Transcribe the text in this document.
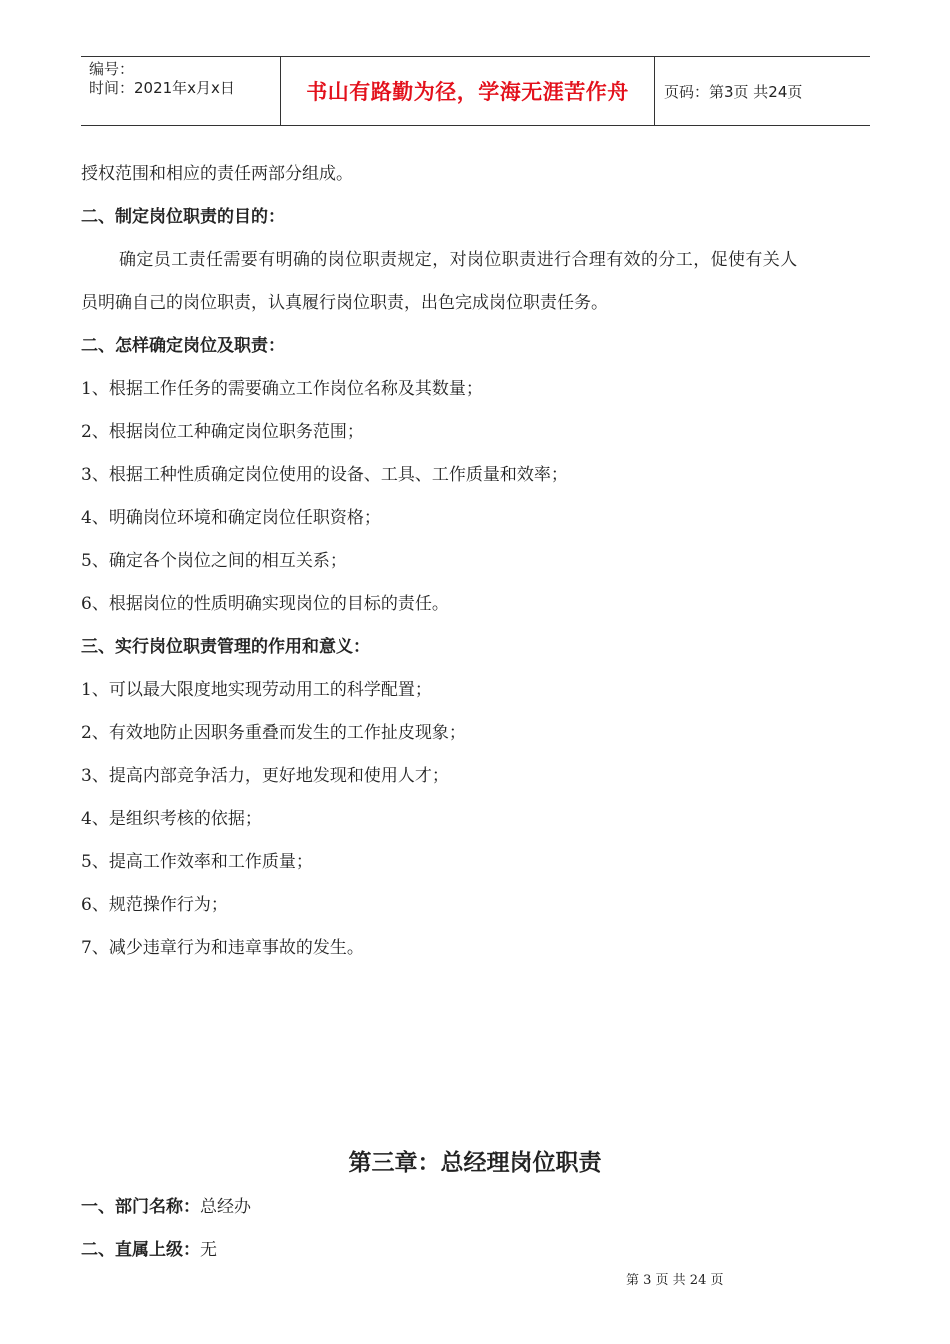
编号：
时间：2021年x月x日	书山有路勤为径，学海无涯苦作舟	页码：第3页 共24页
授权范围和相应的责任两部分组成。
二、制定岗位职责的目的：
确定员工责任需要有明确的岗位职责规定，对岗位职责进行合理有效的分工，促使有关人
员明确自己的岗位职责，认真履行岗位职责，出色完成岗位职责任务。
二、怎样确定岗位及职责：
1、根据工作任务的需要确立工作岗位名称及其数量；
2、根据岗位工种确定岗位职务范围；
3、根据工种性质确定岗位使用的设备、工具、工作质量和效率；
4、明确岗位环境和确定岗位任职资格；
5、确定各个岗位之间的相互关系；
6、根据岗位的性质明确实现岗位的目标的责任。
三、实行岗位职责管理的作用和意义：
1、可以最大限度地实现劳动用工的科学配置；
2、有效地防止因职务重叠而发生的工作扯皮现象；
3、提高内部竞争活力，更好地发现和使用人才；
4、是组织考核的依据；
5、提高工作效率和工作质量；
6、规范操作行为；
7、减少违章行为和违章事故的发生。
第三章：总经理岗位职责
一、部门名称：总经办
二、直属上级：无
第 3 页 共 24 页
